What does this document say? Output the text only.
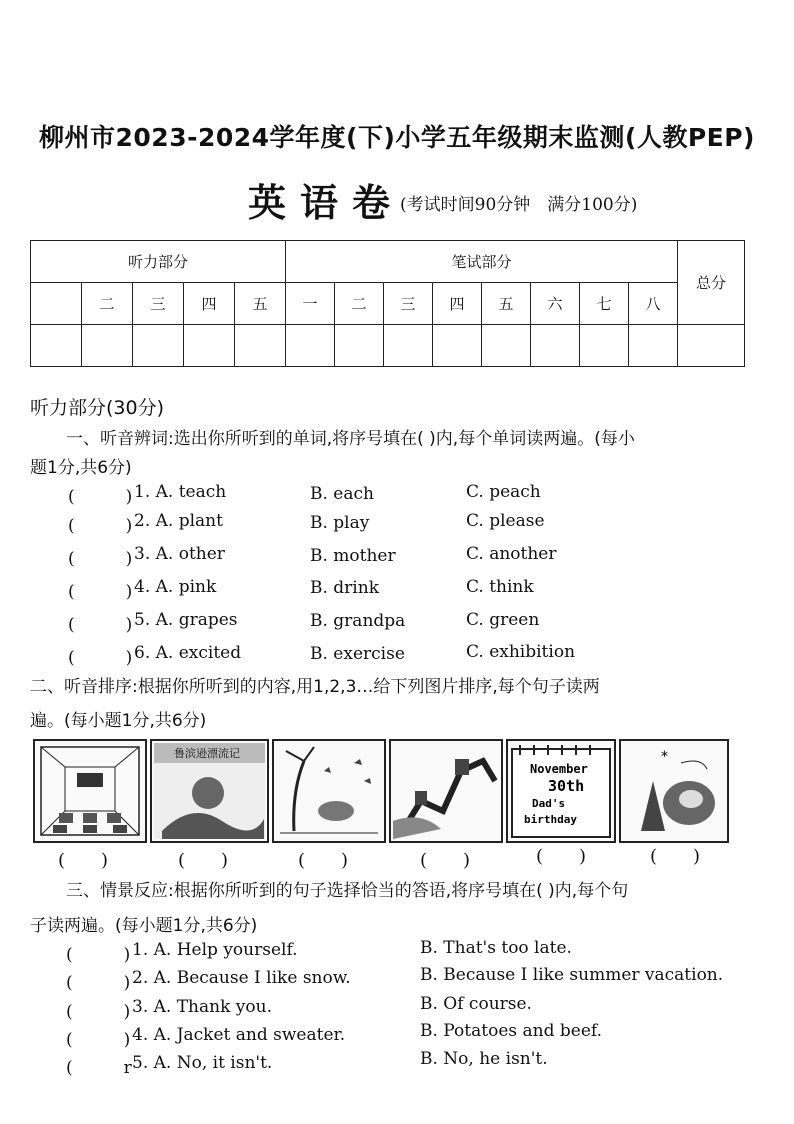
柳州市2023-2024学年度(下)小学五年级期末监测(人教PEP)
英语卷
(考试时间90分钟　满分100分)
听力部分					笔试部分								总分
	二	三	四	五	一	二	三	四	五	六	七	八	

听力部分(30分)
一、听音辨词:选出你所听到的单词,将序号填在( )内,每个单词读两遍。(每小
题1分,共6分)
(　　　) 1. A. teach	B. each	C. peach
(　　　) 2. A. plant	B. play	C. please
(　　　) 3. A. other	B. mother	C. another
(　　　) 4. A. pink	B. drink	C. think
(　　　) 5. A. grapes	B. grandpa	C. green
(　　　) 6. A. excited	B. exercise	C. exhibition
二、听音排序:根据你所听到的内容,用1,2,3…给下列图片排序,每个句子读两
遍。(每小题1分,共6分)
鲁滨逊漂流记
November
30th
Dad's
birthday
*
(　　)	(　　)	(　　)	(　　)	(　　)	(　　)
三、情景反应:根据你所听到的句子选择恰当的答语,将序号填在( )内,每个句
子读两遍。(每小题1分,共6分)
(　　　) 1. A. Help yourself.	B. That's too late.
(　　　) 2. A. Because I like snow.	B. Because I like summer vacation.
(　　　) 3. A. Thank you.	B. Of course.
(　　　) 4. A. Jacket and sweater.	B. Potatoes and beef.
(　　　r 5. A. No, it isn't.	B. No, he isn't.
